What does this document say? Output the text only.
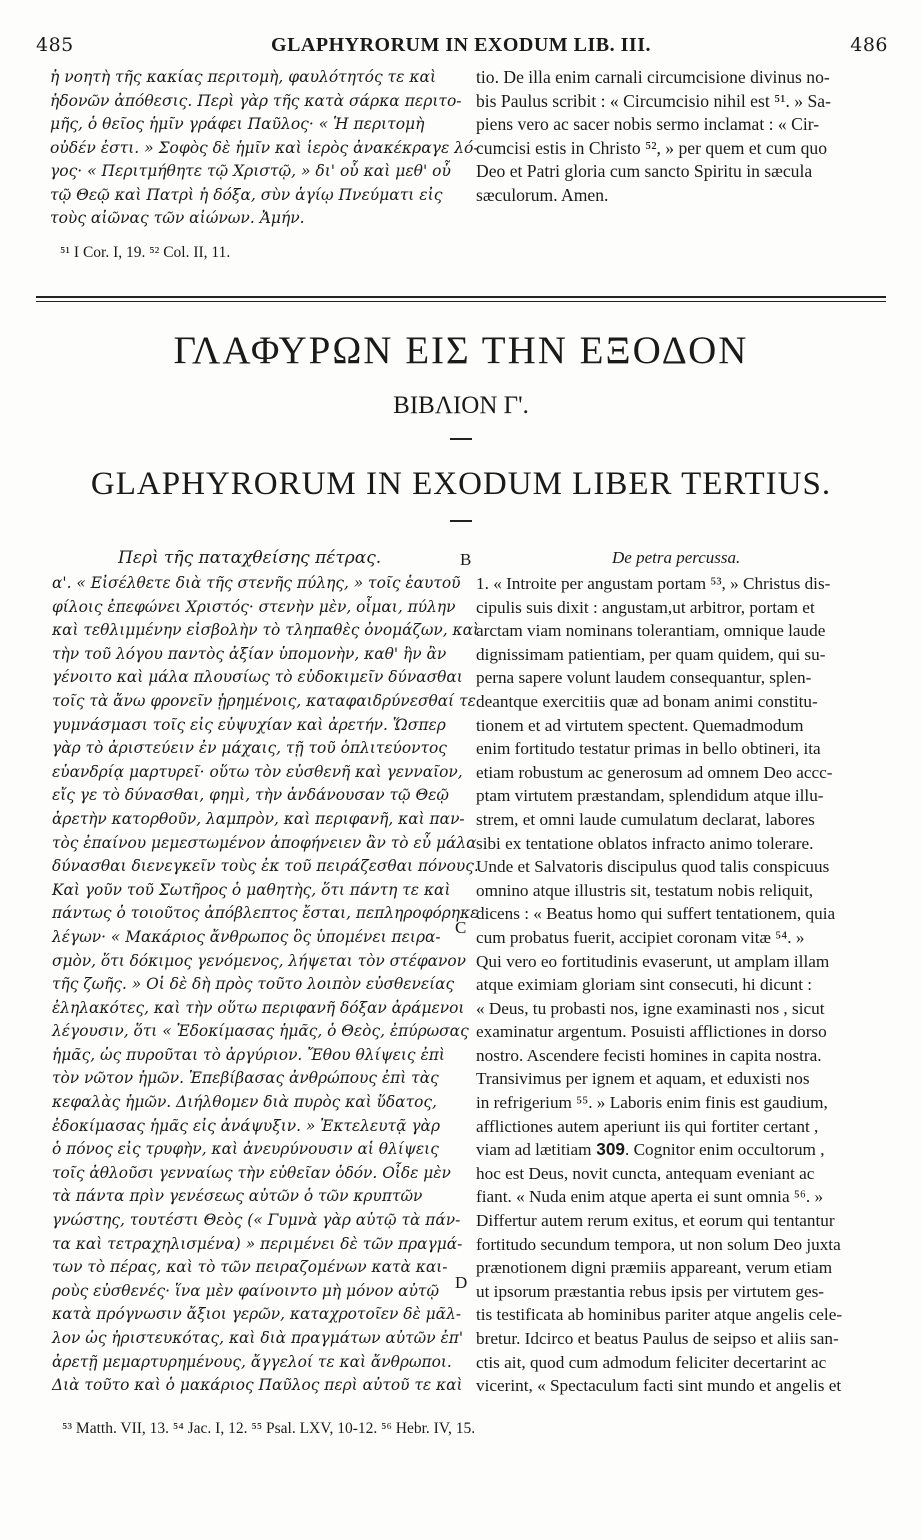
485	GLAPHYRORUM IN EXODUM LIB. III.	486
ἡ νοητὴ τῆς κακίας περιτομὴ, φαυλότητός τε καὶ
ἡδονῶν ἀπόθεσις. Περὶ γὰρ τῆς κατὰ σάρκα περιτο-
μῆς, ὁ θεῖος ἡμῖν γράφει Παῦλος· « Ἡ περιτομὴ
οὐδέν ἐστι. » Σοφὸς δὲ ἡμῖν καὶ ἱερὸς ἀνακέκραγε λό-
γος· « Περιτμήθητε τῷ Χριστῷ, » δι' οὗ καὶ μεθ' οὗ
τῷ Θεῷ καὶ Πατρὶ ἡ δόξα, σὺν ἁγίῳ Πνεύματι εἰς
τοὺς αἰῶνας τῶν αἰώνων. Ἀμήν.
⁵¹ I Cor. I, 19. ⁵² Col. II, 11.
tio. De illa enim carnali circumcisione divinus no-
bis Paulus scribit : « Circumcisio nihil est ⁵¹. » Sa-
piens vero ac sacer nobis sermo inclamat : « Cir-
cumcisi estis in Christo ⁵², » per quem et cum quo
Deo et Patri gloria cum sancto Spiritu in sæcula
sæculorum. Amen.
ΓΛΑΦΥΡΩΝ ΕΙΣ ΤΗΝ ΕΞΟΔΟΝ
ΒΙΒΛΙΟΝ Γ'.
GLAPHYRORUM IN EXODUM LIBER TERTIUS.
Περὶ τῆς παταχθείσης πέτρας.	B	De petra percussa.
α'. « Εἰσέλθετε διὰ τῆς στενῆς πύλης, » τοῖς ἑαυτοῦ
φίλοις ἐπεφώνει Χριστός· στενὴν μὲν, οἶμαι, πύλην
καὶ τεθλιμμένην εἰσβολὴν τὸ τληπαθὲς ὀνομάζων, καὶ
τὴν τοῦ λόγου παντὸς ἀξίαν ὑπομονὴν, καθ' ἣν ἂν
γένοιτο καὶ μάλα πλουσίως τὸ εὐδοκιμεῖν δύνασθαι
τοῖς τὰ ἄνω φρονεῖν ᾑρημένοις, καταφαιδρύνεσθαί τε
γυμνάσμασι τοῖς εἰς εὐψυχίαν καὶ ἀρετήν. Ὥσπερ
γὰρ τὸ ἀριστεύειν ἐν μάχαις, τῇ τοῦ ὁπλιτεύοντος
εὐανδρίᾳ μαρτυρεῖ· οὕτω τὸν εὐσθενῆ καὶ γενναῖον,
εἴς γε τὸ δύνασθαι, φημὶ, τὴν ἁνδάνουσαν τῷ Θεῷ
ἀρετὴν κατορθοῦν, λαμπρὸν, καὶ περιφανῆ, καὶ παν-
τὸς ἐπαίνου μεμεστωμένον ἀποφήνειεν ἂν τὸ εὖ μάλα
δύνασθαι διενεγκεῖν τοὺς ἐκ τοῦ πειράζεσθαι πόνους.
Καὶ γοῦν τοῦ Σωτῆρος ὁ μαθητὴς, ὅτι πάντη τε καὶ
πάντως ὁ τοιοῦτος ἀπόβλεπτος ἔσται, πεπληροφόρηκε
λέγων· « Μακάριος ἄνθρωπος ὃς ὑπομένει πειρα-
σμὸν, ὅτι δόκιμος γενόμενος, λήψεται τὸν στέφανον
τῆς ζωῆς. » Οἱ δὲ δὴ πρὸς τοῦτο λοιπὸν εὐσθενείας
ἐληλακότες, καὶ τὴν οὕτω περιφανῆ δόξαν ἀράμενοι
λέγουσιν, ὅτι « Ἐδοκίμασας ἡμᾶς, ὁ Θεὸς, ἐπύρωσας
ἡμᾶς, ὡς πυροῦται τὸ ἀργύριον. Ἔθου θλίψεις ἐπὶ
τὸν νῶτον ἡμῶν. Ἐπεβίβασας ἀνθρώπους ἐπὶ τὰς
κεφαλὰς ἡμῶν. Διήλθομεν διὰ πυρὸς καὶ ὕδατος,
ἐδοκίμασας ἡμᾶς εἰς ἀνάψυξιν. » Ἐκτελευτᾷ γὰρ
ὁ πόνος εἰς τρυφὴν, καὶ ἀνευρύνουσιν αἱ θλίψεις
τοῖς ἀθλοῦσι γενναίως τὴν εὐθεῖαν ὁδόν. Οἶδε μὲν
τὰ πάντα πρὶν γενέσεως αὐτῶν ὁ τῶν κρυπτῶν
γνώστης, τουτέστι Θεὸς (« Γυμνὰ γὰρ αὐτῷ τὰ πάν-
τα καὶ τετραχηλισμένα) » περιμένει δὲ τῶν πραγμά-
των τὸ πέρας, καὶ τὸ τῶν πειραζομένων κατὰ και-
ροὺς εὐσθενές· ἵνα μὲν φαίνοιντο μὴ μόνον αὐτῷ
κατὰ πρόγνωσιν ἄξιοι γερῶν, καταχροτοῖεν δὲ μᾶλ-
λον ὡς ἠριστευκότας, καὶ διὰ πραγμάτων αὐτῶν ἐπ'
ἀρετῇ μεμαρτυρημένους, ἄγγελοί τε καὶ ἄνθρωποι.
Διὰ τοῦτο καὶ ὁ μακάριος Παῦλος περὶ αὐτοῦ τε καὶ
C
D
1. « Introite per angustam portam ⁵³, » Christus dis-
cipulis suis dixit : angustam,ut arbitror, portam et
arctam viam nominans tolerantiam, omnique laude
dignissimam patientiam, per quam quidem, qui su-
perna sapere volunt laudem consequantur, splen-
deantque exercitiis quæ ad bonam animi constitu-
tionem et ad virtutem spectent. Quemadmodum
enim fortitudo testatur primas in bello obtineri, ita
etiam robustum ac generosum ad omnem Deo accc-
ptam virtutem præstandam, splendidum atque illu-
strem, et omni laude cumulatum declarat, labores
sibi ex tentatione oblatos infracto animo tolerare.
Unde et Salvatoris discipulus quod talis conspicuus
omnino atque illustris sit, testatum nobis reliquit,
dicens : « Beatus homo qui suffert tentationem, quia
cum probatus fuerit, accipiet coronam vitæ ⁵⁴. »
Qui vero eo fortitudinis evaserunt, ut amplam illam
atque eximiam gloriam sint consecuti, hi dicunt :
« Deus, tu probasti nos, igne examinasti nos , sicut
examinatur argentum. Posuisti afflictiones in dorso
nostro. Ascendere fecisti homines in capita nostra.
Transivimus per ignem et aquam, et eduxisti nos
in refrigerium ⁵⁵. » Laboris enim finis est gaudium,
afflictiones autem aperiunt iis qui fortiter certant ,
viam ad lætitiam 309. Cognitor enim occultorum ,
hoc est Deus, novit cuncta, antequam eveniant ac
fiant. « Nuda enim atque aperta ei sunt omnia ⁵⁶. »
Differtur autem rerum exitus, et eorum qui tentantur
fortitudo secundum tempora, ut non solum Deo juxta
prænotionem digni præmiis appareant, verum etiam
ut ipsorum præstantia rebus ipsis per virtutem ges-
tis testificata ab hominibus pariter atque angelis cele-
bretur. Idcirco et beatus Paulus de seipso et aliis san-
ctis ait, quod cum admodum feliciter decertarint ac
vicerint, « Spectaculum facti sint mundo et angelis et
⁵³ Matth. VII, 13. ⁵⁴ Jac. I, 12. ⁵⁵ Psal. LXV, 10-12. ⁵⁶ Hebr. IV, 15.
